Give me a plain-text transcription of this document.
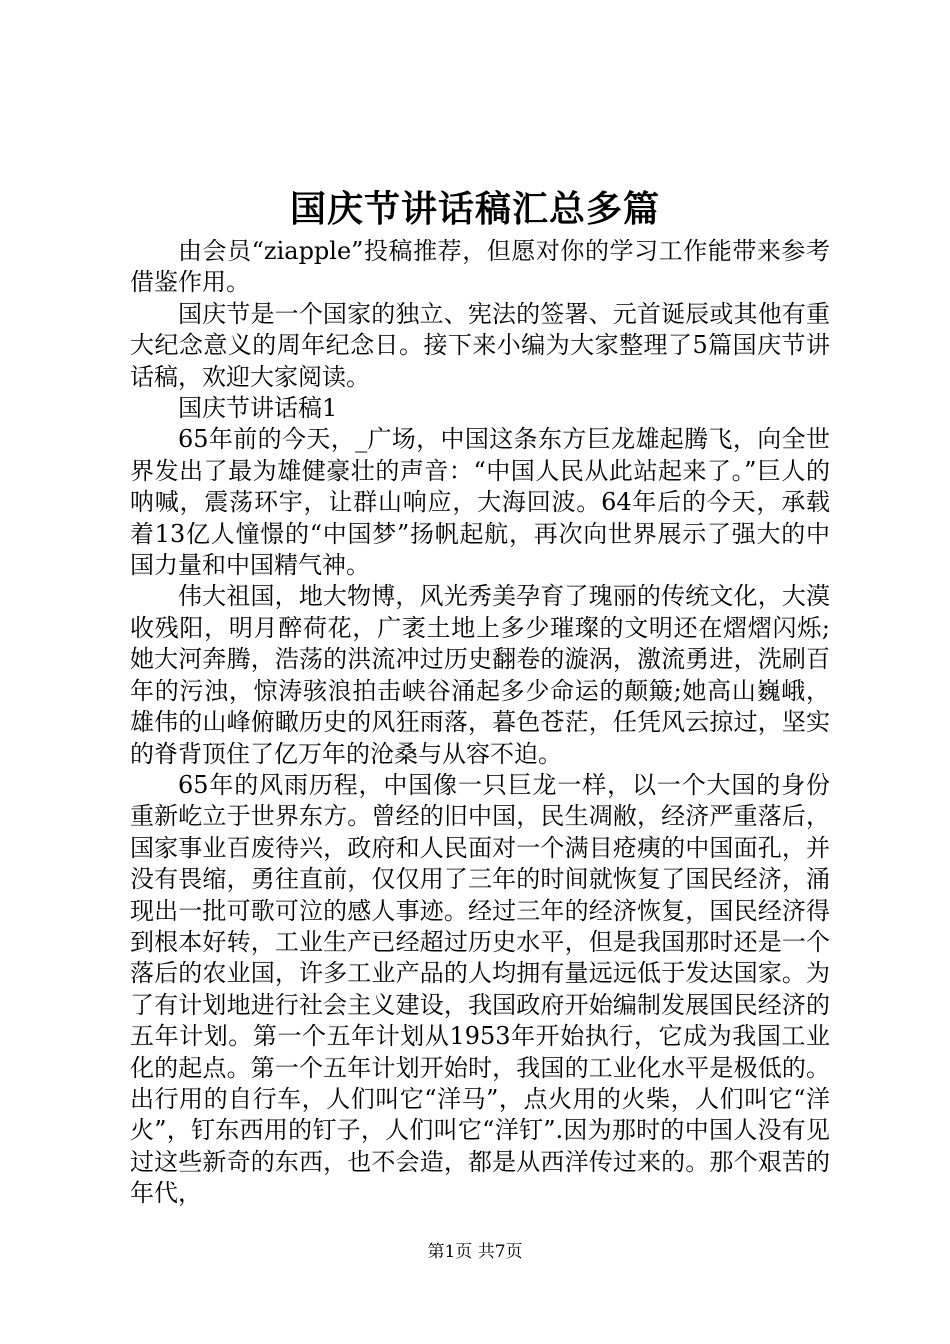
国庆节讲话稿汇总多篇

由会员“ziapple”投稿推荐，但愿对你的学习工作能带来参考借鉴作用。

国庆节是一个国家的独立、宪法的签署、元首诞辰或其他有重大纪念意义的周年纪念日。接下来小编为大家整理了5篇国庆节讲话稿，欢迎大家阅读。

国庆节讲话稿1

65年前的今天，_广场，中国这条东方巨龙雄起腾飞，向全世界发出了最为雄健豪壮的声音：“中国人民从此站起来了。”巨人的呐喊，震荡环宇，让群山响应，大海回波。64年后的今天，承载着13亿人憧憬的“中国梦”扬帆起航，再次向世界展示了强大的中国力量和中国精气神。

伟大祖国，地大物博，风光秀美孕育了瑰丽的传统文化，大漠收残阳，明月醉荷花，广袤土地上多少璀璨的文明还在熠熠闪烁;她大河奔腾，浩荡的洪流冲过历史翻卷的漩涡，激流勇进，洗刷百年的污浊，惊涛骇浪拍击峡谷涌起多少命运的颠簸;她高山巍峨，雄伟的山峰俯瞰历史的风狂雨落，暮色苍茫，任凭风云掠过，坚实的脊背顶住了亿万年的沧桑与从容不迫。

65年的风雨历程，中国像一只巨龙一样，以一个大国的身份重新屹立于世界东方。曾经的旧中国，民生凋敝，经济严重落后，国家事业百废待兴，政府和人民面对一个满目疮痍的中国面孔，并没有畏缩，勇往直前，仅仅用了三年的时间就恢复了国民经济，涌现出一批可歌可泣的感人事迹。经过三年的经济恢复，国民经济得到根本好转，工业生产已经超过历史水平，但是我国那时还是一个落后的农业国，许多工业产品的人均拥有量远远低于发达国家。为了有计划地进行社会主义建设，我国政府开始编制发展国民经济的五年计划。第一个五年计划从1953年开始执行，它成为我国工业化的起点。第一个五年计划开始时，我国的工业化水平是极低的。出行用的自行车，人们叫它“洋马”，点火用的火柴，人们叫它“洋火”，钉东西用的钉子，人们叫它“洋钉”.因为那时的中国人没有见过这些新奇的东西，也不会造，都是从西洋传过来的。那个艰苦的年代，

第1页 共7页
